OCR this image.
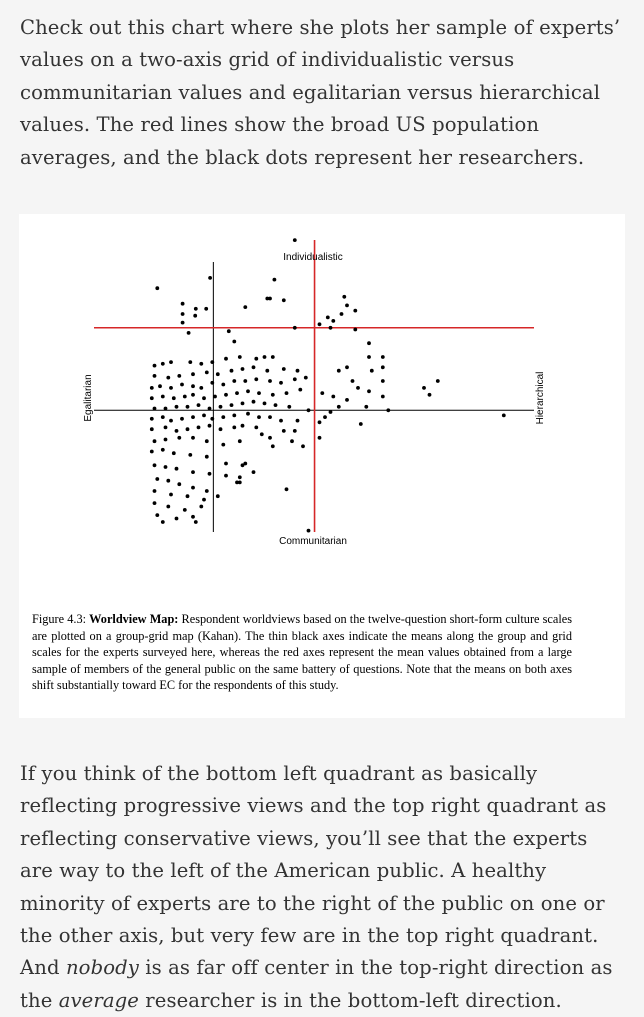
Check out this chart where she plots her sample of experts’ values on a two-axis grid of individualistic versus communitarian values and egalitarian versus hierarchical values. The red lines show the broad US population averages, and the black dots represent her researchers.

Individualistic
Communitarian
Egalitarian	Hierarchical

Figure 4.3: Worldview Map: Respondent worldviews based on the twelve-question short-form culture scales are plotted on a group-grid map (Kahan). The thin black axes indicate the means along the group and grid scales for the experts surveyed here, whereas the red axes represent the mean values obtained from a large sample of members of the general public on the same battery of questions. Note that the means on both axes shift substantially toward EC for the respondents of this study.

If you think of the bottom left quadrant as basically reflecting progressive views and the top right quadrant as reflecting conservative views, you’ll see that the experts are way to the left of the American public. A healthy minority of experts are to the right of the public on one or the other axis, but very few are in the top right quadrant. And nobody is as far off center in the top-right direction as the average researcher is in the bottom-left direction.
